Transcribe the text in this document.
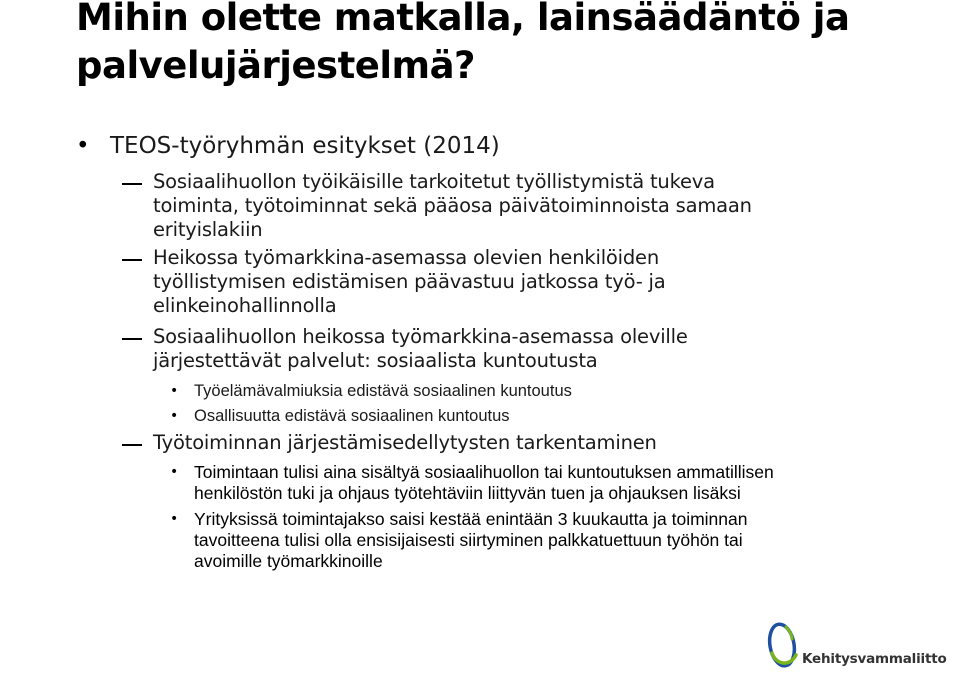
Mihin olette matkalla, lainsäädäntö ja palvelujärjestelmä?
• TEOS-työryhmän esitykset (2014)
Sosiaalihuollon työikäisille tarkoitetut työllistymistä tukeva
toiminta, työtoiminnat sekä pääosa päivätoiminnoista samaan
erityislakiin
Heikossa työmarkkina-asemassa olevien henkilöiden
työllistymisen edistämisen päävastuu jatkossa työ- ja
elinkeinohallinnolla
Sosiaalihuollon heikossa työmarkkina-asemassa oleville
järjestettävät palvelut: sosiaalista kuntoutusta
• Työelämävalmiuksia edistävä sosiaalinen kuntoutus
• Osallisuutta edistävä sosiaalinen kuntoutus
Työtoiminnan järjestämisedellytysten tarkentaminen
• Toimintaan tulisi aina sisältyä sosiaalihuollon tai kuntoutuksen ammatillisen
henkilöstön tuki ja ohjaus työtehtäviin liittyvän tuen ja ohjauksen lisäksi
• Yrityksissä toimintajakso saisi kestää enintään 3 kuukautta ja toiminnan
tavoitteena tulisi olla ensisijaisesti siirtyminen palkkatuettuun työhön tai
avoimille työmarkkinoille
Kehitysvammaliitto
